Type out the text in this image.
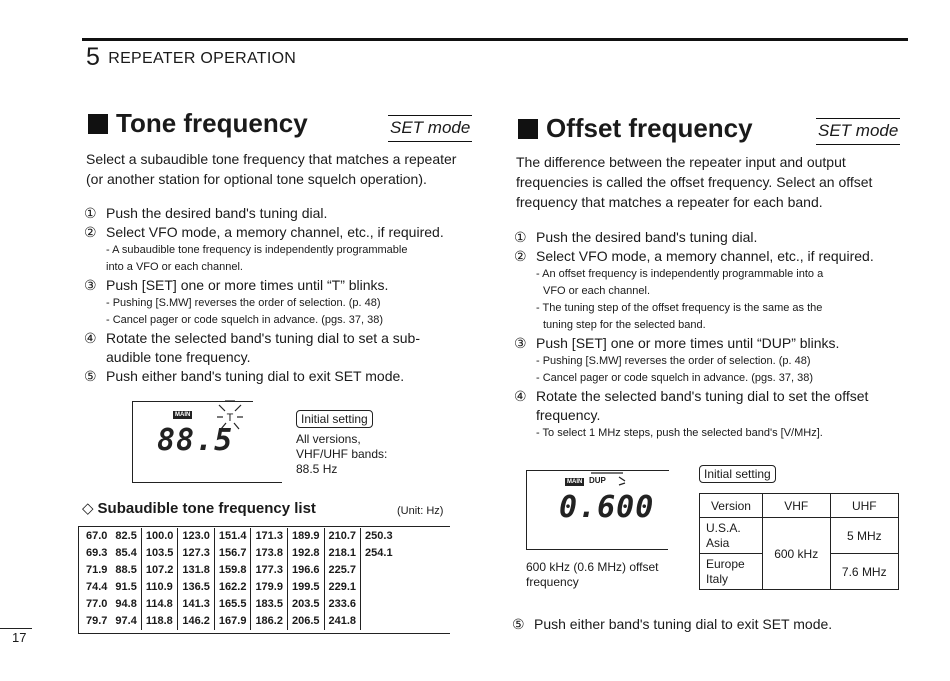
5 REPEATER OPERATION
Tone frequency	SET mode
Select a subaudible tone frequency that matches a repeater
(or another station for optional tone squelch operation).
① Push the desired band's tuning dial.
② Select VFO mode, a memory channel, etc., if required.
- A subaudible tone frequency is independently programmable
into a VFO or each channel.
③ Push [SET] one or more times until “T” blinks.
- Pushing [S.MW] reverses the order of selection. (p. 48)
- Cancel pager or code squelch in advance. (pgs. 37, 38)
④ Rotate the selected band's tuning dial to set a sub-
audible tone frequency.
⑤ Push either band's tuning dial to exit SET mode.
MAIN	T
88.5
Initial setting
All versions,
VHF/UHF bands:
88.5 Hz
◇ Subaudible tone frequency list	(Unit: Hz)
67.0	82.5	100.0	123.0	151.4	171.3	189.9	210.7	250.3
69.3	85.4	103.5	127.3	156.7	173.8	192.8	218.1	254.1
71.9	88.5	107.2	131.8	159.8	177.3	196.6	225.7	
74.4	91.5	110.9	136.5	162.2	179.9	199.5	229.1	
77.0	94.8	114.8	141.3	165.5	183.5	203.5	233.6	
79.7	97.4	118.8	146.2	167.9	186.2	206.5	241.8	
Offset frequency	SET mode
The difference between the repeater input and output
frequencies is called the offset frequency. Select an offset
frequency that matches a repeater for each band.
① Push the desired band's tuning dial.
② Select VFO mode, a memory channel, etc., if required.
- An offset frequency is independently programmable into a
VFO or each channel.
- The tuning step of the offset frequency is the same as the
tuning step for the selected band.
③ Push [SET] one or more times until “DUP” blinks.
- Pushing [S.MW] reverses the order of selection. (p. 48)
- Cancel pager or code squelch in advance. (pgs. 37, 38)
④ Rotate the selected band's tuning dial to set the offset
frequency.
- To select 1 MHz steps, push the selected band's [V/MHz].
MAIN DUP
0.600
600 kHz (0.6 MHz) offset
frequency
Initial setting
Version	VHF	UHF

U.S.A.
Asia	600 kHz	5 MHz

Europe
Italy		7.6 MHz
⑤ Push either band's tuning dial to exit SET mode.
17
